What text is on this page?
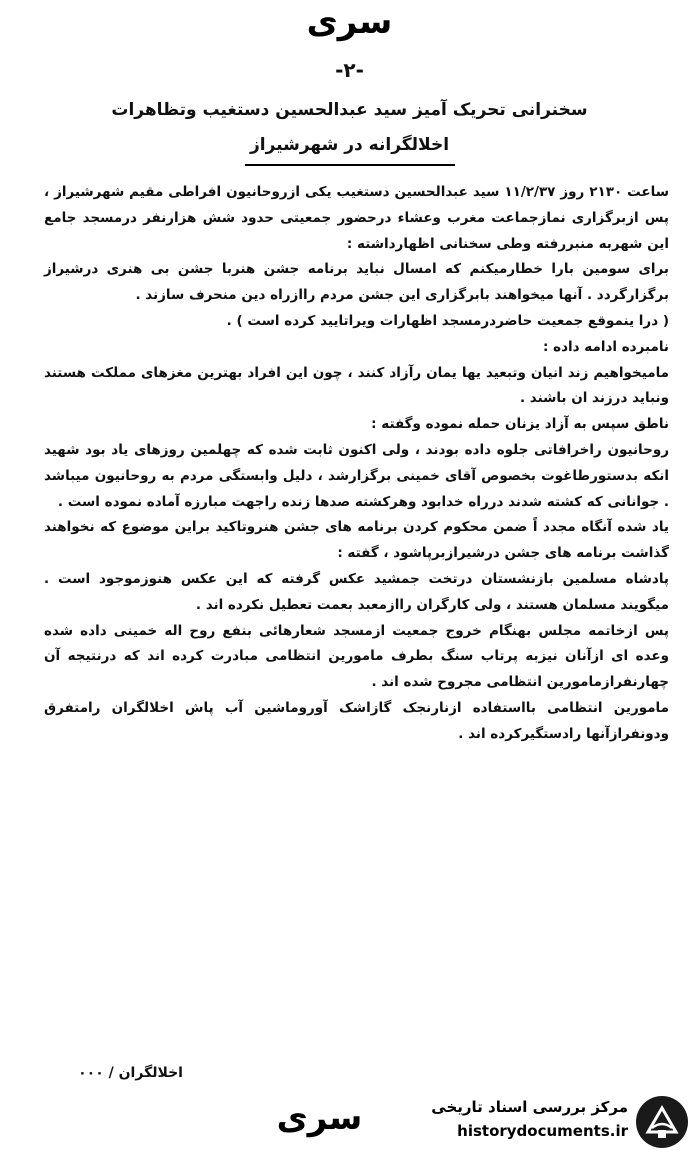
سری
-۲-
سخنرانی تحریک آمیز سید عبدالحسین دستغیب وتظاهرات
اخلالگرانه در شهرشیراز

ساعت ۲۱۳۰ روز ۱۱/۲/۳۷ سید عبدالحسین دستغیب یکی ازروحانیون افراطی مقیم شهرشیراز ، پس ازبرگزاری نمازجماعت مغرب وعشاء درحضور جمعیتی حدود شش هزارنفر درمسجد جامع این شهربه منبررفته وطی سخنانی اظهارداشته :

برای سومین بارا خطارمیکنم که امسال نباید برنامه جشن هنربا جشن بی هنری درشیراز برگزارگردد . آنها میخواهند بابرگزاری این جشن مردم راازراه دین منحرف سازند .

( درا ینموقع جمعیت حاضردرمسجد اظهارات ویراتایید کرده است ) .

نامبرده ادامه داده :

مامیخواهیم زند انیان وتبعید یها یمان رآزاد کنند ، چون این افراد بهترین مغزهای مملکت هستند ونباید درزند ان باشند .

ناطق سپس به آزاد یزنان حمله نموده وگفته :

روحانیون راخرافاتی جلوه داده بودند ، ولی اکنون ثابت شده که چهلمین روزهای یاد بود شهید انکه بدستورطاغوت بخصوص آقای خمینی برگزارشد ، دلیل وابستگی مردم به روحانیون میباشد . جوانانی که کشته شدند درراه خدابود وهرکشته صدها زنده راجهت مبارزه آماده نموده است .

یاد شده آنگاه مجدد اً ضمن محکوم کردن برنامه های جشن هنروتاکید براین موضوع که نخواهند گذاشت برنامه های جشن درشیرازبرپاشود ، گفته :

پادشاه مسلمین بازنشستان درتخت جمشید عکس گرفته که این عکس هنوزموجود است . میگویند مسلمان هستند ، ولی کارگران راازمعبد بعمت تعطیل نکرده اند .

پس ازخاتمه مجلس بهنگام خروج جمعیت ازمسجد شعارهائی بنفع روح اله خمینی داده شده وعده ای ازآنان نیزبه پرتاب سنگ بطرف مامورین انتظامی مبادرت کرده اند که درنتیجه آن چهارنفرازمامورین انتظامی مجروح شده اند .

مامورین انتظامی بااستفاده ازنارنجک گازاشک آوروماشین آب پاش اخلالگران رامتفرق ودونفرازآنها رادستگیرکرده اند .

اخلالگران / ۰۰۰
سری	مرکز بررسی اسناد تاریخی
historydocuments.ir
